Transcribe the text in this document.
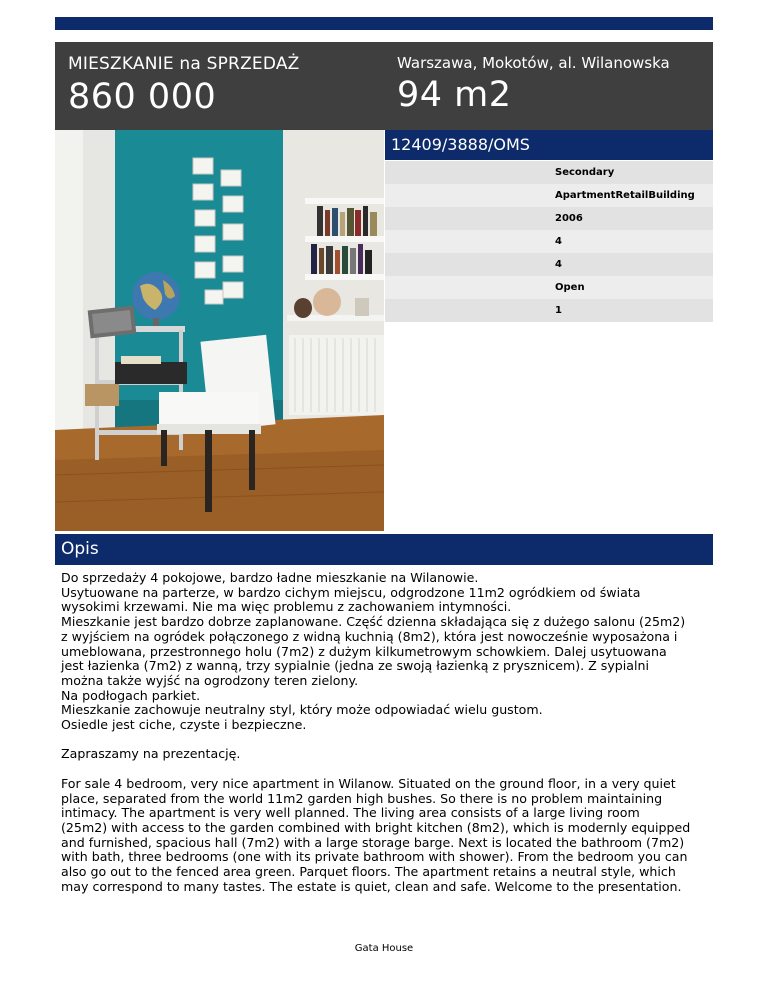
MIESZKANIE na SPRZEDAŻ
860 000
Warszawa, Mokotów, al. Wilanowska
94 m2
12409/3888/OMS
Secondary
ApartmentRetailBuilding
2006
4
4
Open
1
Opis
Do sprzedaży 4 pokojowe, bardzo ładne mieszkanie na Wilanowie.
Usytuowane na parterze, w bardzo cichym miejscu, odgrodzone 11m2 ogródkiem od świata
wysokimi krzewami. Nie ma więc problemu z zachowaniem intymności.
Mieszkanie jest bardzo dobrze zaplanowane. Część dzienna składająca się z dużego salonu (25m2)
z wyjściem na ogródek połączonego z widną kuchnią (8m2), która jest nowocześnie wyposażona i
umeblowana, przestronnego holu (7m2) z dużym kilkumetrowym schowkiem. Dalej usytuowana
jest łazienka (7m2) z wanną, trzy sypialnie (jedna ze swoją łazienką z prysznicem). Z sypialni
można także wyjść na ogrodzony teren zielony.
Na podłogach parkiet.
Mieszkanie zachowuje neutralny styl, który może odpowiadać wielu gustom.
Osiedle jest ciche, czyste i bezpieczne.
Zapraszamy na prezentację.
For sale 4 bedroom, very nice apartment in Wilanow. Situated on the ground floor, in a very quiet
place, separated from the world 11m2 garden high bushes. So there is no problem maintaining
intimacy. The apartment is very well planned. The living area consists of a large living room
(25m2) with access to the garden combined with bright kitchen (8m2), which is modernly equipped
and furnished, spacious hall (7m2) with a large storage barge. Next is located the bathroom (7m2)
with bath, three bedrooms (one with its private bathroom with shower). From the bedroom you can
also go out to the fenced area green. Parquet floors. The apartment retains a neutral style, which
may correspond to many tastes. The estate is quiet, clean and safe. Welcome to the presentation.
Gata House
